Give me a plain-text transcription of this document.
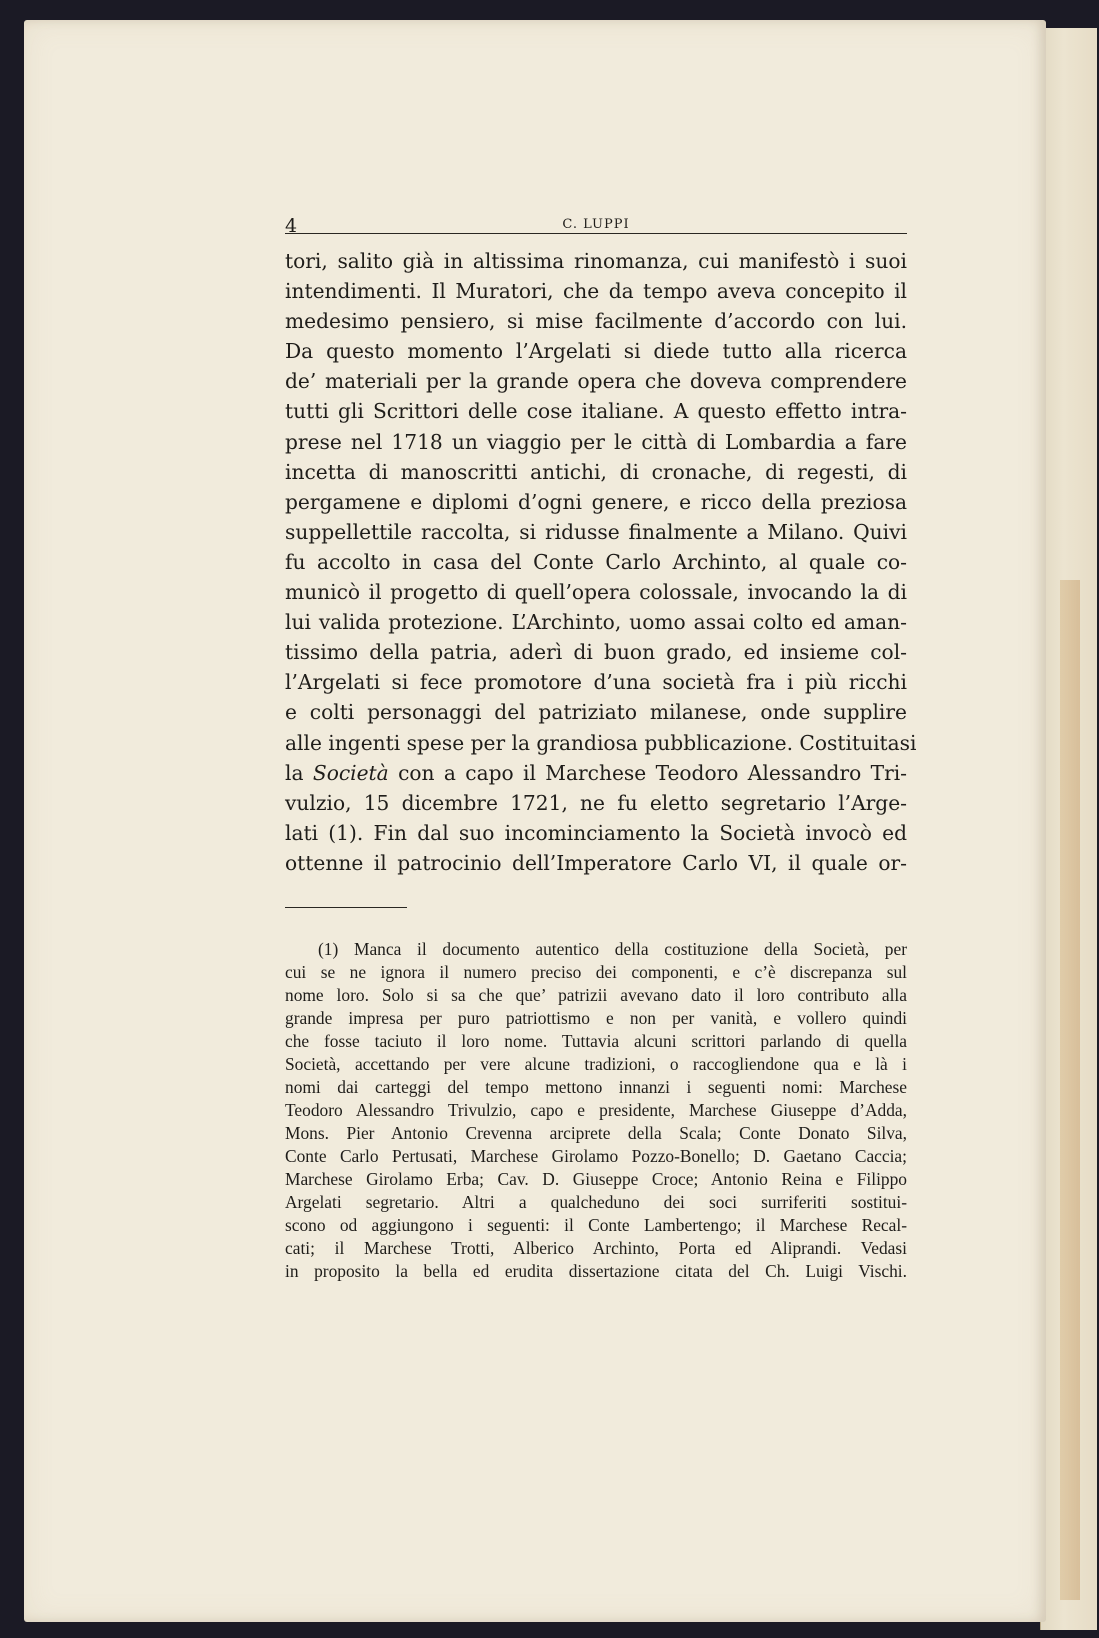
4	C. LUPPI
tori, salito già in altissima rinomanza, cui manifestò i suoi
intendimenti. Il Muratori, che da tempo aveva concepito il
medesimo pensiero, si mise facilmente d’accordo con lui.
Da questo momento l’Argelati si diede tutto alla ricerca
de’ materiali per la grande opera che doveva comprendere
tutti gli Scrittori delle cose italiane. A questo effetto intra-
prese nel 1718 un viaggio per le città di Lombardia a fare
incetta di manoscritti antichi, di cronache, di regesti, di
pergamene e diplomi d’ogni genere, e ricco della preziosa
suppellettile raccolta, si ridusse finalmente a Milano. Quivi
fu accolto in casa del Conte Carlo Archinto, al quale co-
municò il progetto di quell’opera colossale, invocando la di
lui valida protezione. L’Archinto, uomo assai colto ed aman-
tissimo della patria, aderì di buon grado, ed insieme col-
l’Argelati si fece promotore d’una società fra i più ricchi
e colti personaggi del patriziato milanese, onde supplire
alle ingenti spese per la grandiosa pubblicazione. Costituitasi
la Società con a capo il Marchese Teodoro Alessandro Tri-
vulzio, 15 dicembre 1721, ne fu eletto segretario l’Arge-
lati (1). Fin dal suo incominciamento la Società invocò ed
ottenne il patrocinio dell’Imperatore Carlo VI, il quale or-
(1) Manca il documento autentico della costituzione della Società, per
cui se ne ignora il numero preciso dei componenti, e c’è discrepanza sul
nome loro. Solo si sa che que’ patrizii avevano dato il loro contributo alla
grande impresa per puro patriottismo e non per vanità, e vollero quindi
che fosse taciuto il loro nome. Tuttavia alcuni scrittori parlando di quella
Società, accettando per vere alcune tradizioni, o raccogliendone qua e là i
nomi dai carteggi del tempo mettono innanzi i seguenti nomi: Marchese
Teodoro Alessandro Trivulzio, capo e presidente, Marchese Giuseppe d’Adda,
Mons. Pier Antonio Crevenna arciprete della Scala; Conte Donato Silva,
Conte Carlo Pertusati, Marchese Girolamo Pozzo-Bonello; D. Gaetano Caccia;
Marchese Girolamo Erba; Cav. D. Giuseppe Croce; Antonio Reina e Filippo
Argelati segretario. Altri a qualcheduno dei soci surriferiti sostitui-
scono od aggiungono i seguenti: il Conte Lambertengo; il Marchese Recal-
cati; il Marchese Trotti, Alberico Archinto, Porta ed Aliprandi. Vedasi
in proposito la bella ed erudita dissertazione citata del Ch. Luigi Vischi.
